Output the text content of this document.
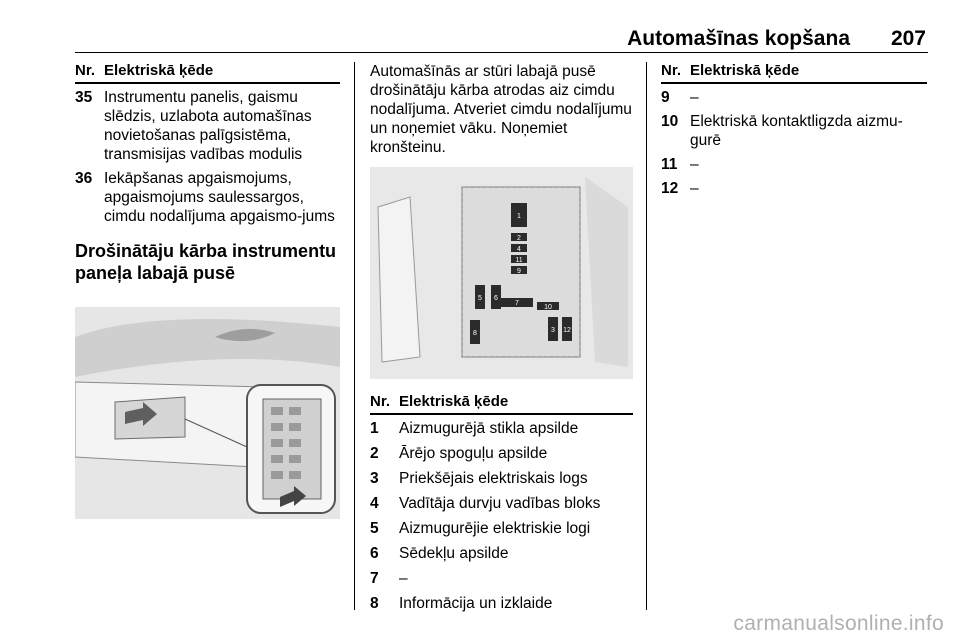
Automašīnas kopšana 207
Nr. Elektriskā ķēde
35 Instrumentu panelis, gaismu slēdzis, uzlabota automašīnas novietošanas palīgsistēma, transmisijas vadības modulis
36 Iekāpšanas apgaismojums, apgaismojums saulessargos, cimdu nodalījuma apgaismo-jums
Drošinātāju kārba instrumentu paneļa labajā pusē
Automašīnās ar stūri labajā pusē drošinātāju kārba atrodas aiz cimdu nodalījuma. Atveriet cimdu nodalījumu un noņemiet vāku. Noņemiet kronšteinu.
1
2
4
11
9
5 6
7
10
8	3 12
Nr. Elektriskā ķēde
1	Aizmugurējā stikla apsilde
2	Ārējo spoguļu apsilde
3	Priekšējais elektriskais logs
4	Vadītāja durvju vadības bloks
5	Aizmugurējie elektriskie logi
6	Sēdekļu apsilde
7	–
8	Informācija un izklaide
Nr. Elektriskā ķēde
9	–
10 Elektriskā kontaktligzda aizmu-gurē
11 –
12 –
carmanualsonline.info
